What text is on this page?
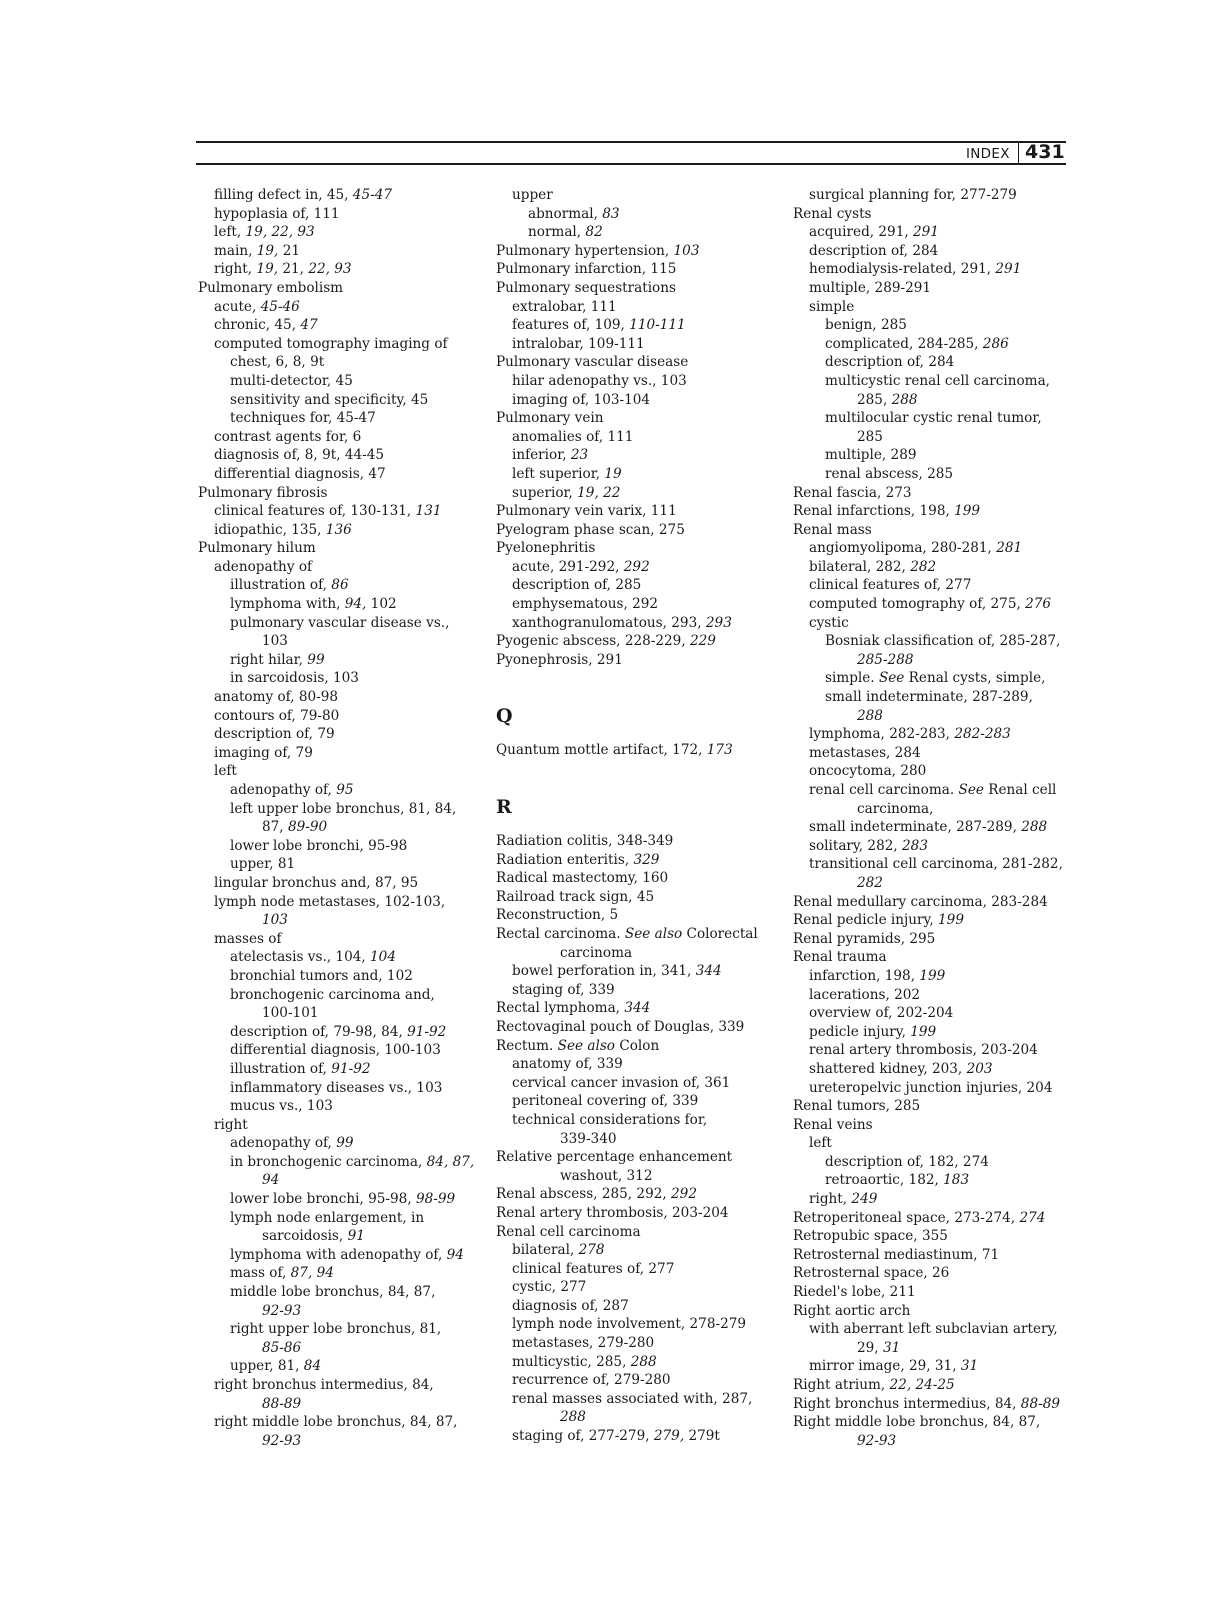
INDEX 431
filling defect in, 45, 45-47
hypoplasia of, 111
left, 19, 22, 93
main, 19, 21
right, 19, 21, 22, 93
Pulmonary embolism
acute, 45-46
chronic, 45, 47
computed tomography imaging of
chest, 6, 8, 9t
multi-detector, 45
sensitivity and specificity, 45
techniques for, 45-47
contrast agents for, 6
diagnosis of, 8, 9t, 44-45
differential diagnosis, 47
Pulmonary fibrosis
clinical features of, 130-131, 131
idiopathic, 135, 136
Pulmonary hilum
adenopathy of
illustration of, 86
lymphoma with, 94, 102
pulmonary vascular disease vs.,
103
right hilar, 99
in sarcoidosis, 103
anatomy of, 80-98
contours of, 79-80
description of, 79
imaging of, 79
left
adenopathy of, 95
left upper lobe bronchus, 81, 84,
87, 89-90
lower lobe bronchi, 95-98
upper, 81
lingular bronchus and, 87, 95
lymph node metastases, 102-103,
103
masses of
atelectasis vs., 104, 104
bronchial tumors and, 102
bronchogenic carcinoma and,
100-101
description of, 79-98, 84, 91-92
differential diagnosis, 100-103
illustration of, 91-92
inflammatory diseases vs., 103
mucus vs., 103
right
adenopathy of, 99
in bronchogenic carcinoma, 84, 87,
94
lower lobe bronchi, 95-98, 98-99
lymph node enlargement, in
sarcoidosis, 91
lymphoma with adenopathy of, 94
mass of, 87, 94
middle lobe bronchus, 84, 87,
92-93
right upper lobe bronchus, 81,
85-86
upper, 81, 84
right bronchus intermedius, 84,
88-89
right middle lobe bronchus, 84, 87,
92-93
upper
abnormal, 83
normal, 82
Pulmonary hypertension, 103
Pulmonary infarction, 115
Pulmonary sequestrations
extralobar, 111
features of, 109, 110-111
intralobar, 109-111
Pulmonary vascular disease
hilar adenopathy vs., 103
imaging of, 103-104
Pulmonary vein
anomalies of, 111
inferior, 23
left superior, 19
superior, 19, 22
Pulmonary vein varix, 111
Pyelogram phase scan, 275
Pyelonephritis
acute, 291-292, 292
description of, 285
emphysematous, 292
xanthogranulomatous, 293, 293
Pyogenic abscess, 228-229, 229
Pyonephrosis, 291
Q
Quantum mottle artifact, 172, 173
R
Radiation colitis, 348-349
Radiation enteritis, 329
Radical mastectomy, 160
Railroad track sign, 45
Reconstruction, 5
Rectal carcinoma. See also Colorectal
carcinoma
bowel perforation in, 341, 344
staging of, 339
Rectal lymphoma, 344
Rectovaginal pouch of Douglas, 339
Rectum. See also Colon
anatomy of, 339
cervical cancer invasion of, 361
peritoneal covering of, 339
technical considerations for,
339-340
Relative percentage enhancement
washout, 312
Renal abscess, 285, 292, 292
Renal artery thrombosis, 203-204
Renal cell carcinoma
bilateral, 278
clinical features of, 277
cystic, 277
diagnosis of, 287
lymph node involvement, 278-279
metastases, 279-280
multicystic, 285, 288
recurrence of, 279-280
renal masses associated with, 287,
288
staging of, 277-279, 279, 279t
surgical planning for, 277-279
Renal cysts
acquired, 291, 291
description of, 284
hemodialysis-related, 291, 291
multiple, 289-291
simple
benign, 285
complicated, 284-285, 286
description of, 284
multicystic renal cell carcinoma,
285, 288
multilocular cystic renal tumor,
285
multiple, 289
renal abscess, 285
Renal fascia, 273
Renal infarctions, 198, 199
Renal mass
angiomyolipoma, 280-281, 281
bilateral, 282, 282
clinical features of, 277
computed tomography of, 275, 276
cystic
Bosniak classification of, 285-287,
285-288
simple. See Renal cysts, simple,
small indeterminate, 287-289,
288
lymphoma, 282-283, 282-283
metastases, 284
oncocytoma, 280
renal cell carcinoma. See Renal cell
carcinoma,
small indeterminate, 287-289, 288
solitary, 282, 283
transitional cell carcinoma, 281-282,
282
Renal medullary carcinoma, 283-284
Renal pedicle injury, 199
Renal pyramids, 295
Renal trauma
infarction, 198, 199
lacerations, 202
overview of, 202-204
pedicle injury, 199
renal artery thrombosis, 203-204
shattered kidney, 203, 203
ureteropelvic junction injuries, 204
Renal tumors, 285
Renal veins
left
description of, 182, 274
retroaortic, 182, 183
right, 249
Retroperitoneal space, 273-274, 274
Retropubic space, 355
Retrosternal mediastinum, 71
Retrosternal space, 26
Riedel's lobe, 211
Right aortic arch
with aberrant left subclavian artery,
29, 31
mirror image, 29, 31, 31
Right atrium, 22, 24-25
Right bronchus intermedius, 84, 88-89
Right middle lobe bronchus, 84, 87,
92-93
